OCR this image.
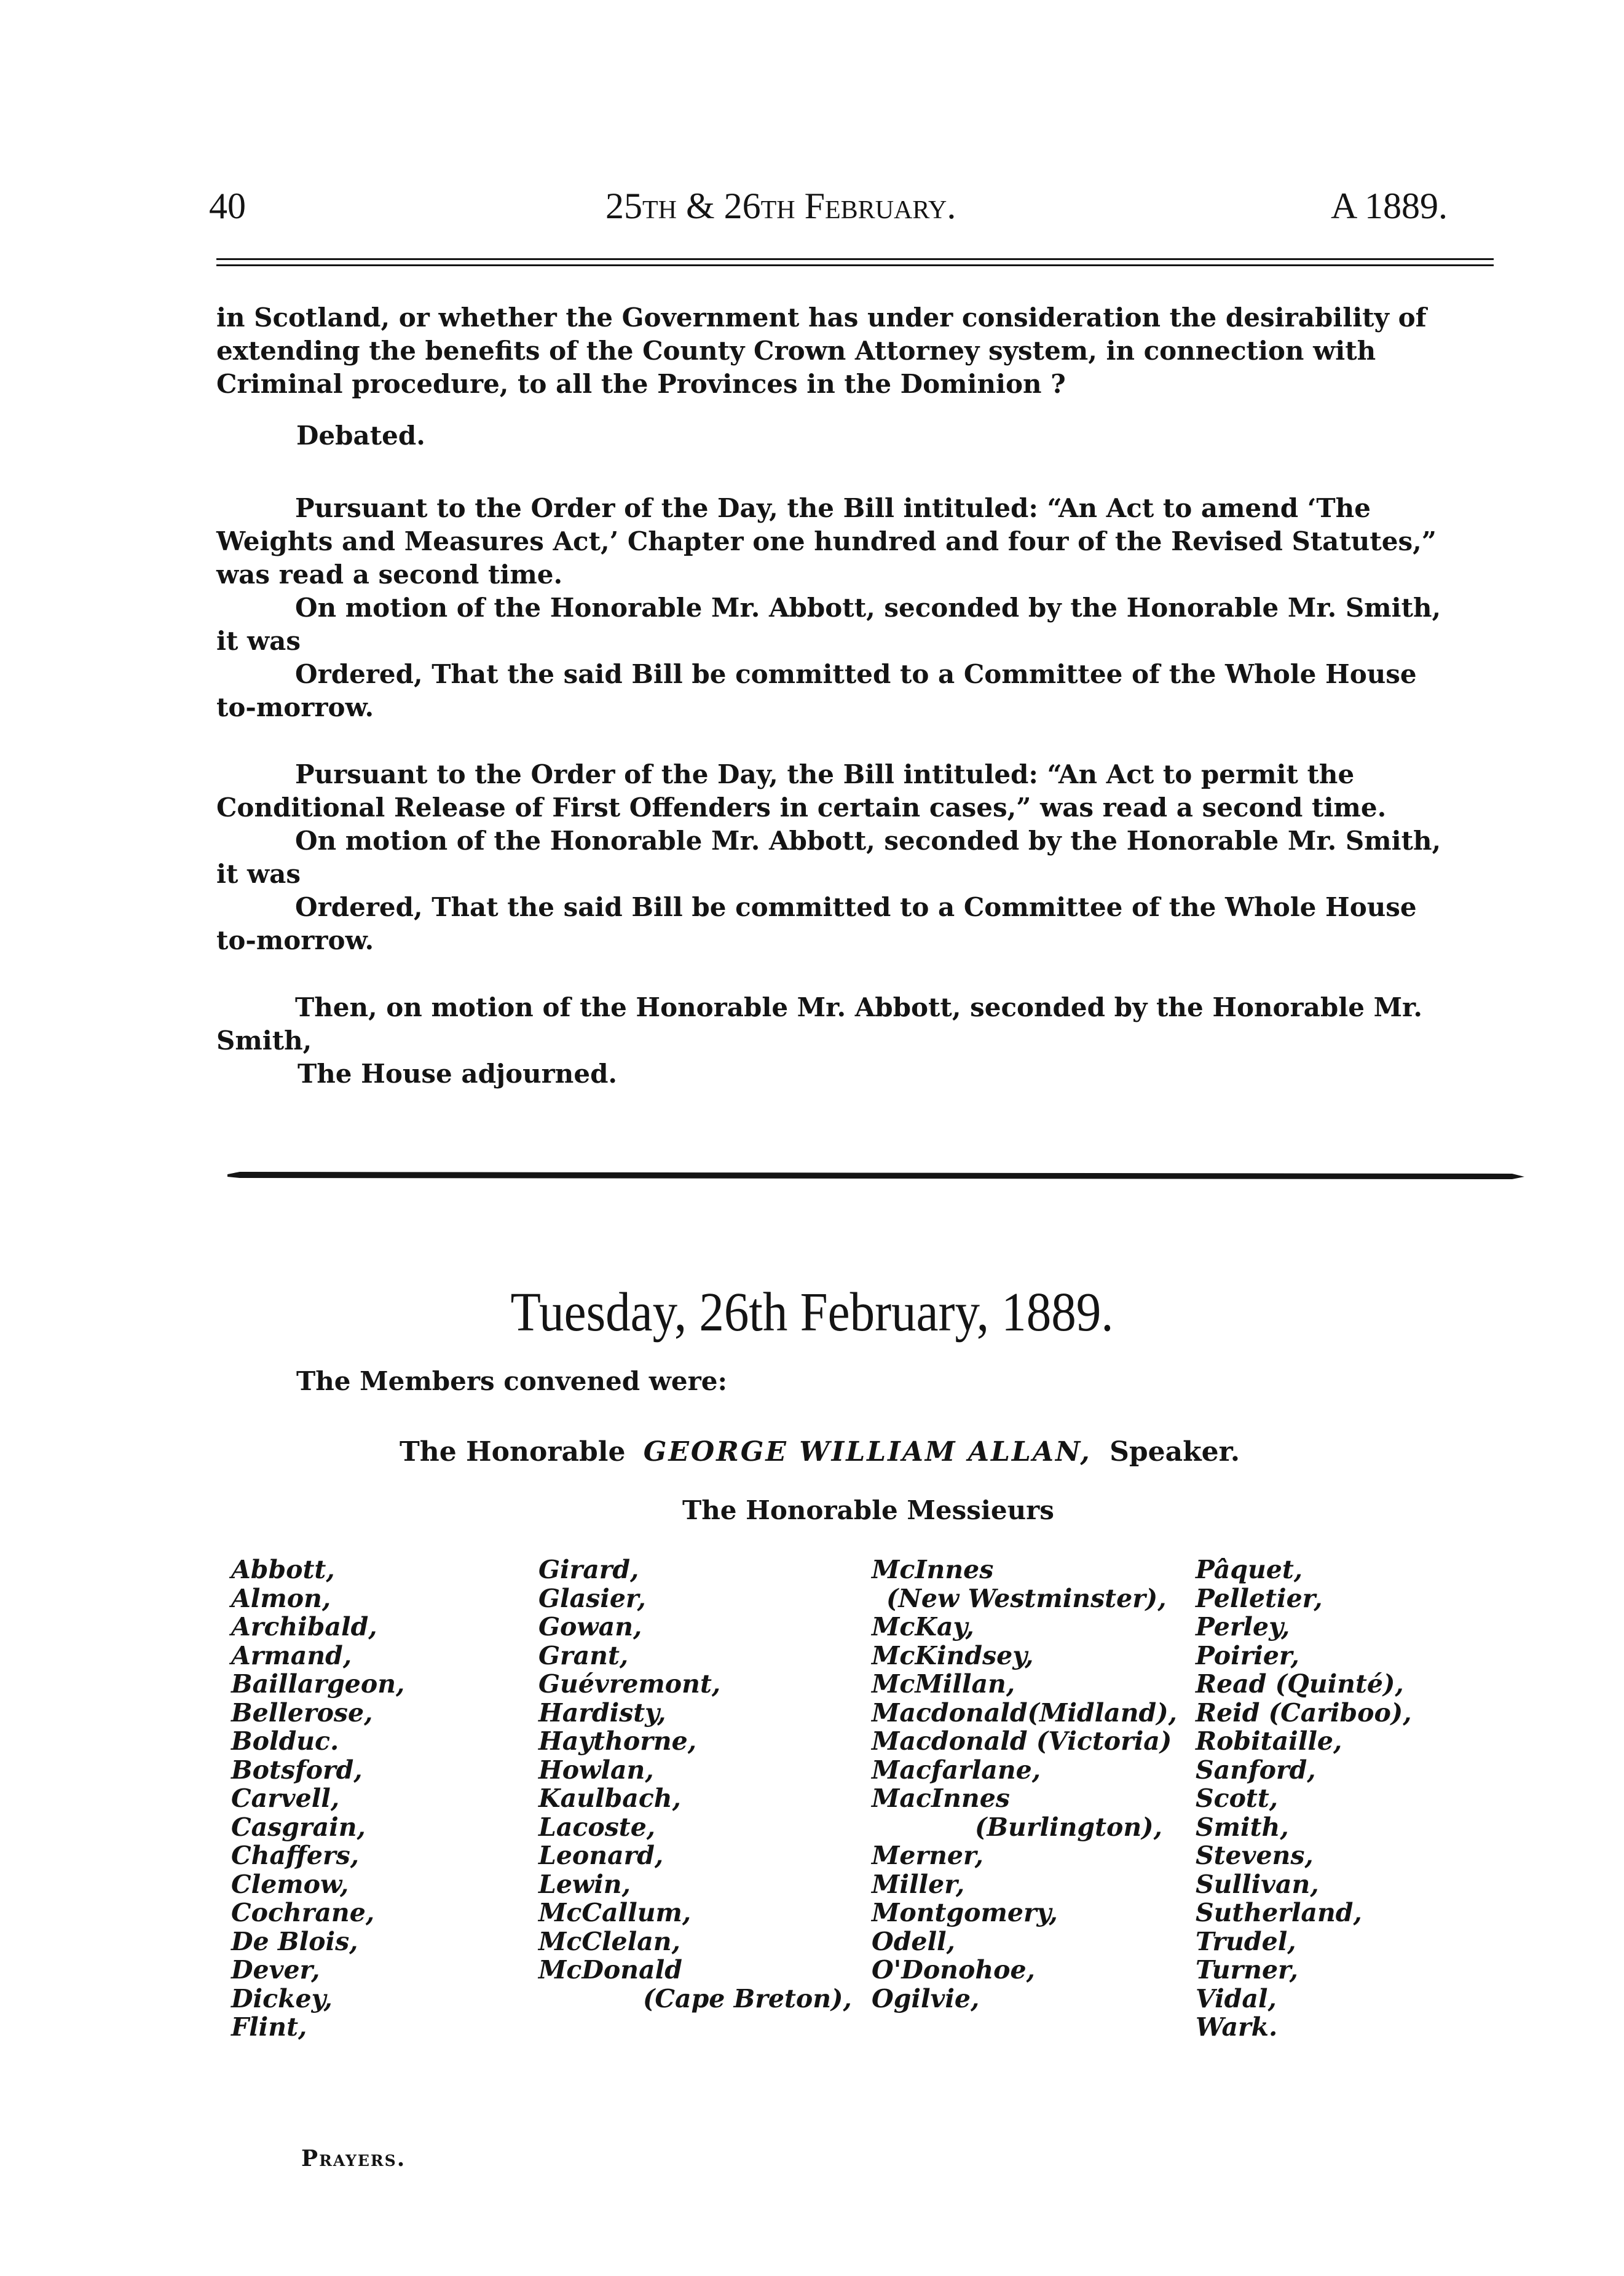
40	25th & 26th February.	A 1889.

in Scotland, or whether the Government has under consideration the desirability of
extending the benefits of the County Crown Attorney system, in connection with
Criminal procedure, to all the Provinces in the Dominion ?

Debated.

Pursuant to the Order of the Day, the Bill intituled: “An Act to amend ‘The
Weights and Measures Act,’ Chapter one hundred and four of the Revised Statutes,”
was read a second time.

On motion of the Honorable Mr. Abbott, seconded by the Honorable Mr. Smith,
it was

Ordered, That the said Bill be committed to a Committee of the Whole House
to-morrow.

Pursuant to the Order of the Day, the Bill intituled: “An Act to permit the
Conditional Release of First Offenders in certain cases,” was read a second time.

On motion of the Honorable Mr. Abbott, seconded by the Honorable Mr. Smith,
it was

Ordered, That the said Bill be committed to a Committee of the Whole House
to-morrow.

Then, on motion of the Honorable Mr. Abbott, seconded by the Honorable Mr.
Smith,

The House adjourned.

Tuesday, 26th February, 1889.
The Members convened were:
The Honorable GEORGE WILLIAM ALLAN, Speaker.
The Honorable Messieurs
Abbott,
Almon,
Archibald,
Armand,
Baillargeon,
Bellerose,
Bolduc.
Botsford,
Carvell,
Casgrain,
Chaffers,
Clemow,
Cochrane,
De Blois,
Dever,
Dickey,
Flint,
Girard,
Glasier,
Gowan,
Grant,
Guévremont,
Hardisty,
Haythorne,
Howlan,
Kaulbach,
Lacoste,
Leonard,
Lewin,
McCallum,
McClelan,
McDonald
(Cape Breton),
McInnes
(New Westminster),
McKay,
McKindsey,
McMillan,
Macdonald(Midland),
Macdonald (Victoria)
Macfarlane,
MacInnes
(Burlington),
Merner,
Miller,
Montgomery,
Odell,
O'Donohoe,
Ogilvie,
Pâquet,
Pelletier,
Perley,
Poirier,
Read (Quinté),
Reid (Cariboo),
Robitaille,
Sanford,
Scott,
Smith,
Stevens,
Sullivan,
Sutherland,
Trudel,
Turner,
Vidal,
Wark.
Prayers.
